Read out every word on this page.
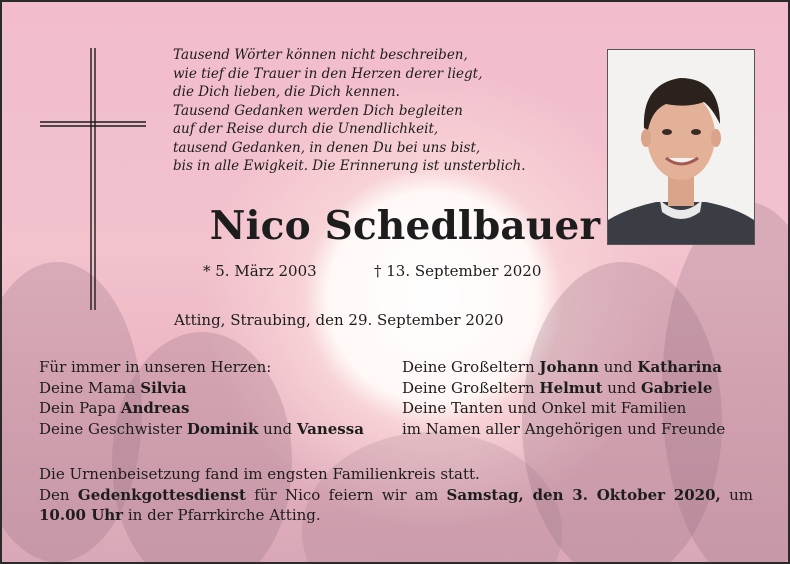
Tausend Wörter können nicht beschreiben,
wie tief die Trauer in den Herzen derer liegt,
die Dich lieben, die Dich kennen.
Tausend Gedanken werden Dich begleiten
auf der Reise durch die Unendlichkeit,
tausend Gedanken, in denen Du bei uns bist,
bis in alle Ewigkeit. Die Erinnerung ist unsterblich.
Nico Schedlbauer
* 5. März 2003	† 13. September 2020
Atting, Straubing, den 29. September 2020
Für immer in unseren Herzen:
Deine Mama Silvia
Dein Papa Andreas
Deine Geschwister Dominik und Vanessa
Deine Großeltern Johann und Katharina
Deine Großeltern Helmut und Gabriele
Deine Tanten und Onkel mit Familien
im Namen aller Angehörigen und Freunde
Die Urnenbeisetzung fand im engsten Familienkreis statt.
Den Gedenkgottesdienst für Nico feiern wir am Samstag, den 3. Oktober 2020, um
10.00 Uhr in der Pfarrkirche Atting.
